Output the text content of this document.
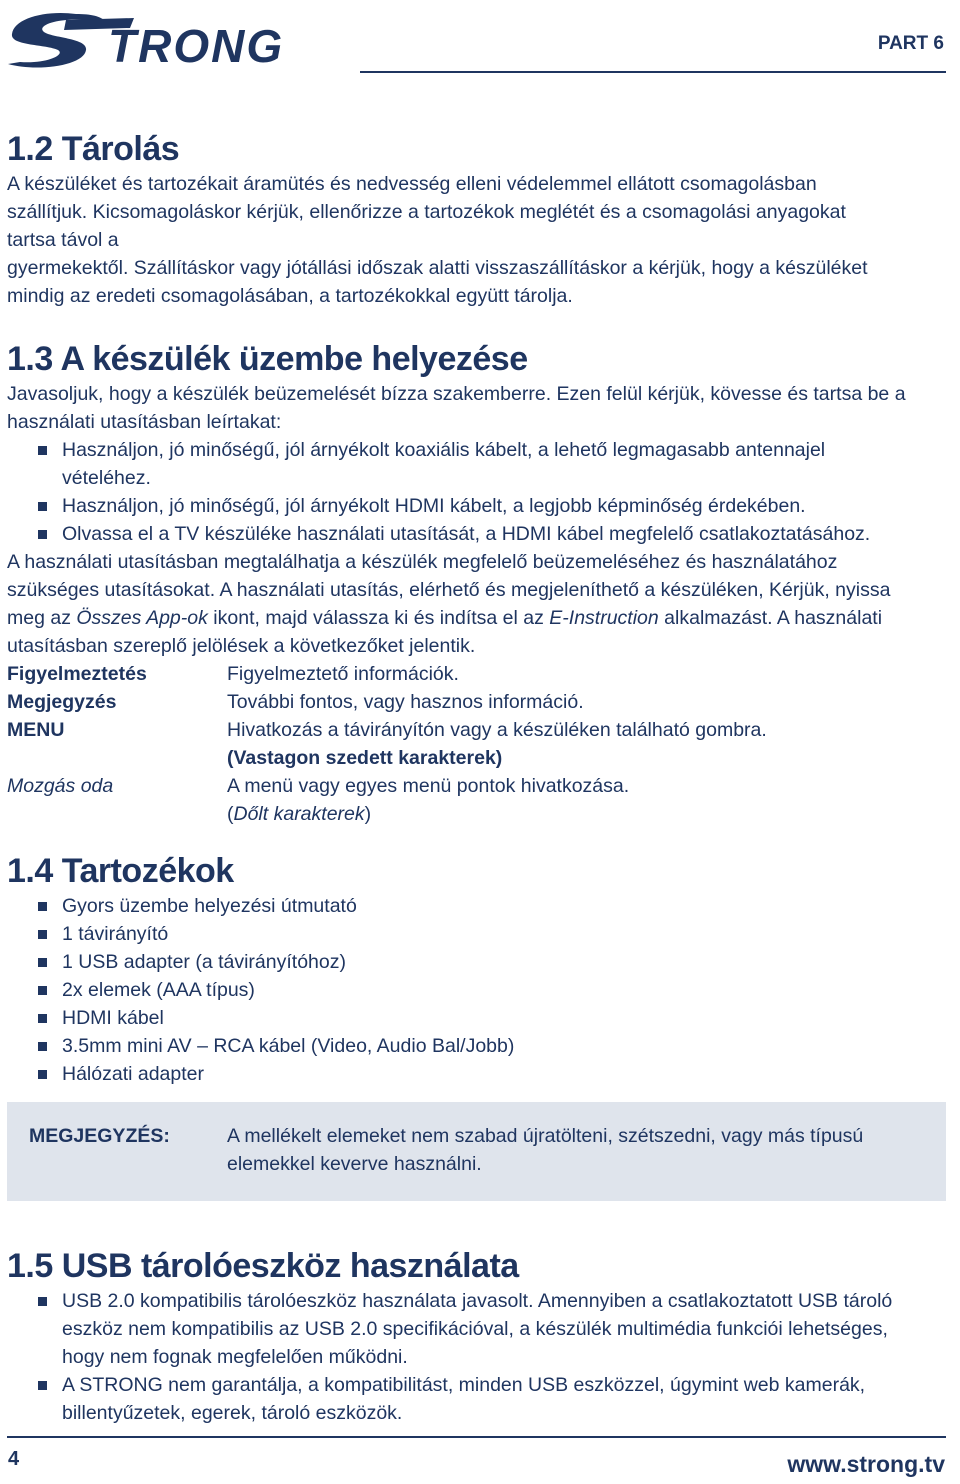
TRONG	PART 6
1.2 Tárolás

A készüléket és tartozékait áramütés és nedvesség elleni védelemmel ellátott csomagolásban

szállítjuk. Kicsomagoláskor kérjük, ellenőrizze a tartozékok meglétét és a csomagolási anyagokat

tartsa távol a

gyermekektől. Szállításkor vagy jótállási időszak alatti visszaszállításkor a kérjük, hogy a készüléket

mindig az eredeti csomagolásában, a tartozékokkal együtt tárolja.

1.3 A készülék üzembe helyezése

Javasoljuk, hogy a készülék beüzemelését bízza szakemberre. Ezen felül kérjük, kövesse és tartsa be a

használati utasításban leírtakat:

Használjon, jó minőségű, jól árnyékolt koaxiális kábelt, a lehető legmagasabb antennajel
vételéhez.
Használjon, jó minőségű, jól árnyékolt HDMI kábelt, a legjobb képminőség érdekében.
Olvassa el a TV készüléke használati utasítását, a HDMI kábel megfelelő csatlakoztatásához.

A használati utasításban megtalálhatja a készülék megfelelő beüzemeléséhez és használatához

szükséges utasításokat. A használati utasítás, elérhető és megjeleníthető a készüléken, Kérjük, nyissa

meg az Összes App-ok ikont, majd válassza ki és indítsa el az E-Instruction alkalmazást. A használati

utasításban szereplő jelölések a következőket jelentik.

Figyelmeztetés	Figyelmeztető információk.
Megjegyzés	További fontos, vagy hasznos információ.
MENU	Hivatkozás a távirányítón vagy a készüléken található gombra.
(Vastagon szedett karakterek)
Mozgás oda	A menü vagy egyes menü pontok hivatkozása.
(Dőlt karakterek)
1.4 Tartozékok
Gyors üzembe helyezési útmutató
1 távirányító
1 USB adapter (a távirányítóhoz)
2x elemek (AAA típus)
HDMI kábel
3.5mm mini AV – RCA kábel (Video, Audio Bal/Jobb)
Hálózati adapter
MEGJEGYZÉS:	A mellékelt elemeket nem szabad újratölteni, szétszedni, vagy más típusú
elemekkel keverve használni.
1.5 USB tárolóeszköz használata
USB 2.0 kompatibilis tárolóeszköz használata javasolt. Amennyiben a csatlakoztatott USB tároló
eszköz nem kompatibilis az USB 2.0 specifikációval, a készülék multimédia funkciói lehetséges,
hogy nem fognak megfelelően működni.
A STRONG nem garantálja, a kompatibilitást, minden USB eszközzel, úgymint web kamerák,
billentyűzetek, egerek, tároló eszközök.
4	www.strong.tv
